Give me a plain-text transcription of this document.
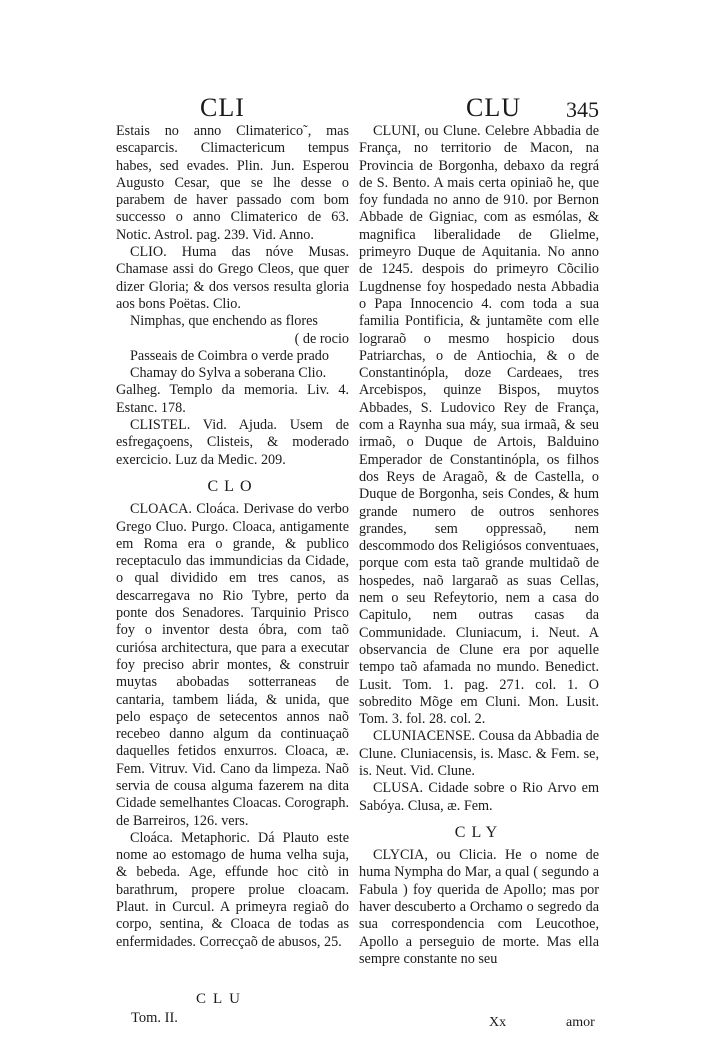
CLI	CLU 345

Estais no anno Climaterico˜, mas escaparcis. Climactericum tempus habes, sed evades. Plin. Jun. Esperou Augusto Cesar, que se lhe desse o parabem de haver passado com bom successo o anno Climaterico de 63. Notic. Astrol. pag. 239. Vid. Anno.

CLIO. Huma das nóve Musas. Chamase assi do Grego Cleos, que quer dizer Gloria; & dos versos resulta gloria aos bons Poëtas. Clio.

Nimphas, que enchendo as flores
( de rocio
Passeais de Coimbra o verde prado
Chamay do Sylva a soberana Clio.

Galheg. Templo da memoria. Liv. 4. Estanc. 178.

CLISTEL. Vid. Ajuda. Usem de esfregaçoens, Clisteis, & moderado exercicio. Luz da Medic. 209.

CLO

CLOACA. Cloáca. Derivase do verbo Grego Cluo. Purgo. Cloaca, antigamente em Roma era o grande, & publico receptaculo das immundicias da Cidade, o qual dividido em tres canos, as descarregava no Rio Tybre, perto da ponte dos Senadores. Tarquinio Prisco foy o inventor desta óbra, com taõ curiósa architectura, que para a executar foy preciso abrir montes, & construir muytas abobadas sotterraneas de cantaria, tambem liáda, & unida, que pelo espaço de setecentos annos naõ recebeo danno algum da continuaçaõ daquelles fetidos enxurros. Cloaca, æ. Fem. Vitruv. Vid. Cano da limpeza. Naõ servia de cousa alguma fazerem na dita Cidade semelhantes Cloacas. Corograph. de Barreiros, 126. vers.

Cloáca. Metaphoric. Dá Plauto este nome ao estomago de huma velha suja, & bebeda. Age, effunde hoc citò in barathrum, propere prolue cloacam. Plaut. in Curcul. A primeyra regiaõ do corpo, sentina, & Cloaca de todas as enfermidades. Correcçaõ de abusos, 25.

CLU
Tom. II.

CLUNI, ou Clune. Celebre Abbadia de França, no territorio de Macon, na Provincia de Borgonha, debaxo da regrá de S. Bento. A mais certa opiniaõ he, que foy fundada no anno de 910. por Bernon Abbade de Gigniac, com as esmólas, & magnifica liberalidade de Glielme, primeyro Duque de Aquitania. No anno de 1245. despois do primeyro Cõcilio Lugdnense foy hospedado nesta Abbadia o Papa Innocencio 4. com toda a sua familia Pontificia, & juntamẽte com elle lograraõ o mesmo hospicio dous Patriarchas, o de Antiochia, & o de Constantinópla, doze Cardeaes, tres Arcebispos, quinze Bispos, muytos Abbades, S. Ludovico Rey de França, com a Raynha sua máy, sua irmaã, & seu irmaõ, o Duque de Artois, Balduino Emperador de Constantinópla, os filhos dos Reys de Aragaõ, & de Castella, o Duque de Borgonha, seis Condes, & hum grande numero de outros senhores grandes, sem oppressaõ, nem descommodo dos Religiósos conventuaes, porque com esta taõ grande multidaõ de hospedes, naõ largaraõ as suas Cellas, nem o seu Refeytorio, nem a casa do Capitulo, nem outras casas da Communidade. Cluniacum, i. Neut. A observancia de Clune era por aquelle tempo taõ afamada no mundo. Benedict. Lusit. Tom. 1. pag. 271. col. 1. O sobredito Mõge em Cluni. Mon. Lusit. Tom. 3. fol. 28. col. 2.

CLUNIACENSE. Cousa da Abbadia de Clune. Cluniacensis, is. Masc. & Fem. se, is. Neut. Vid. Clune.

CLUSA. Cidade sobre o Rio Arvo em Sabóya. Clusa, æ. Fem.

CLY

CLYCIA, ou Clicia. He o nome de huma Nympha do Mar, a qual ( segundo a Fabula ) foy querida de Apollo; mas por haver descuberto a Orchamo o segredo da sua correspondencia com Leucothoe, Apollo a perseguio de morte. Mas ella sempre constante no seu

Xx	amor
